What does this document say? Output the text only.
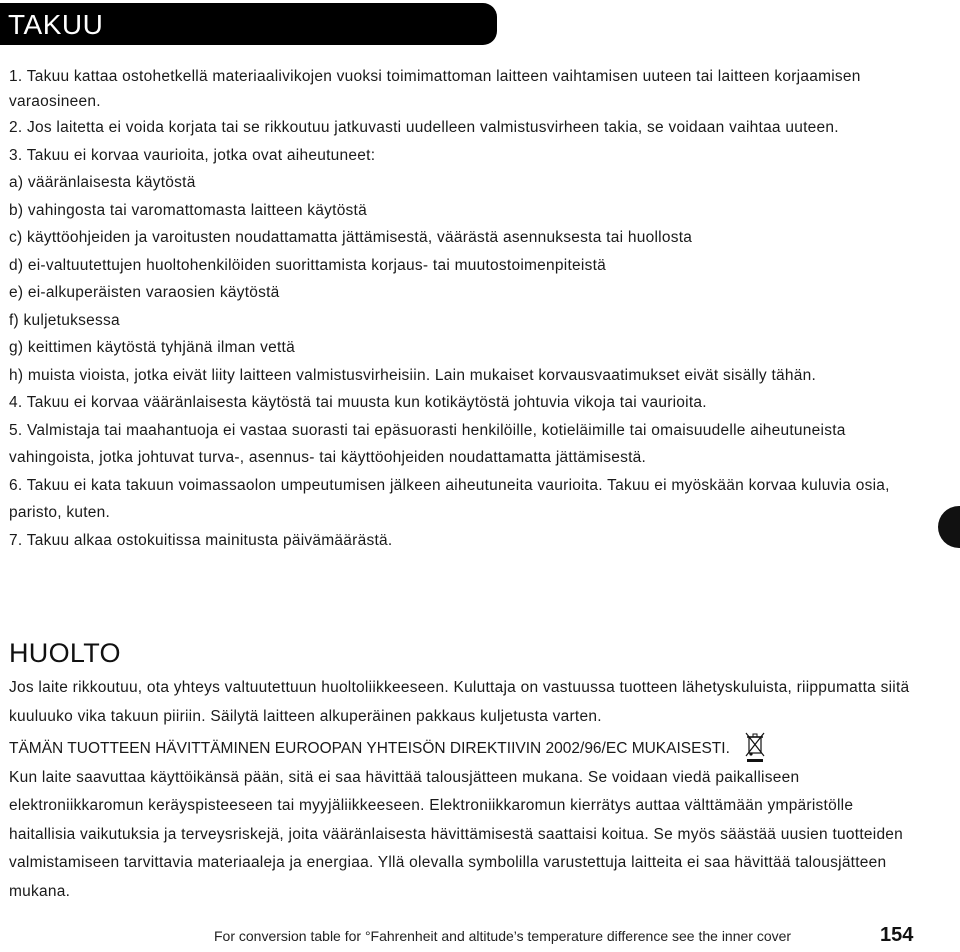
TAKUU

1. Takuu kattaa ostohetkellä materiaalivikojen vuoksi toimimattoman laitteen vaihtamisen uuteen tai laitteen korjaamisen varaosineen.

2. Jos laitetta ei voida korjata tai se rikkoutuu jatkuvasti uudelleen valmistusvirheen takia, se voidaan vaihtaa uuteen.

3. Takuu ei korvaa vaurioita, jotka ovat aiheutuneet:

a) vääränlaisesta käytöstä

b) vahingosta tai varomattomasta laitteen käytöstä

c) käyttöohjeiden ja varoitusten noudattamatta jättämisestä, väärästä asennuksesta tai huollosta

d) ei-valtuutettujen huoltohenkilöiden suorittamista korjaus- tai muutostoimenpiteistä

e) ei-alkuperäisten varaosien käytöstä

f) kuljetuksessa

g) keittimen käytöstä tyhjänä ilman vettä

h) muista vioista, jotka eivät liity laitteen valmistusvirheisiin. Lain mukaiset korvausvaatimukset eivät sisälly tähän.

4. Takuu ei korvaa vääränlaisesta käytöstä tai muusta kun kotikäytöstä johtuvia vikoja tai vaurioita.

5. Valmistaja tai maahantuoja ei vastaa suorasti tai epäsuorasti henkilöille, kotieläimille tai omaisuudelle aiheutuneista vahingoista, jotka johtuvat turva-, asennus- tai käyttöohjeiden noudattamatta jättämisestä.

6. Takuu ei kata takuun voimassaolon umpeutumisen jälkeen aiheutuneita vaurioita. Takuu ei myöskään korvaa kuluvia osia, paristo, kuten.

7. Takuu alkaa ostokuitissa mainitusta päivämäärästä.

HUOLTO

Jos laite rikkoutuu, ota yhteys valtuutettuun huoltoliikkeeseen. Kuluttaja on vastuussa tuotteen lähetyskuluista, riippumatta siitä kuuluuko vika takuun piiriin. Säilytä laitteen alkuperäinen pakkaus kuljetusta varten.

TÄMÄN TUOTTEEN HÄVITTÄMINEN EUROOPAN YHTEISÖN DIREKTIIVIN 2002/96/EC MUKAISESTI.

Kun laite saavuttaa käyttöikänsä pään, sitä ei saa hävittää talousjätteen mukana. Se voidaan viedä paikalliseen elektroniikkaromun keräyspisteeseen tai myyjäliikkeeseen. Elektroniikkaromun kierrätys auttaa välttämään ympäristölle haitallisia vaikutuksia ja terveysriskejä, joita vääränlaisesta hävittämisestä saattaisi koitua. Se myös säästää uusien tuotteiden valmistamiseen tarvittavia materiaaleja ja energiaa. Yllä olevalla symbolilla varustettuja laitteita ei saa hävittää talousjätteen mukana.

For conversion table for °Fahrenheit and altitude’s temperature difference see the inner cover	154
